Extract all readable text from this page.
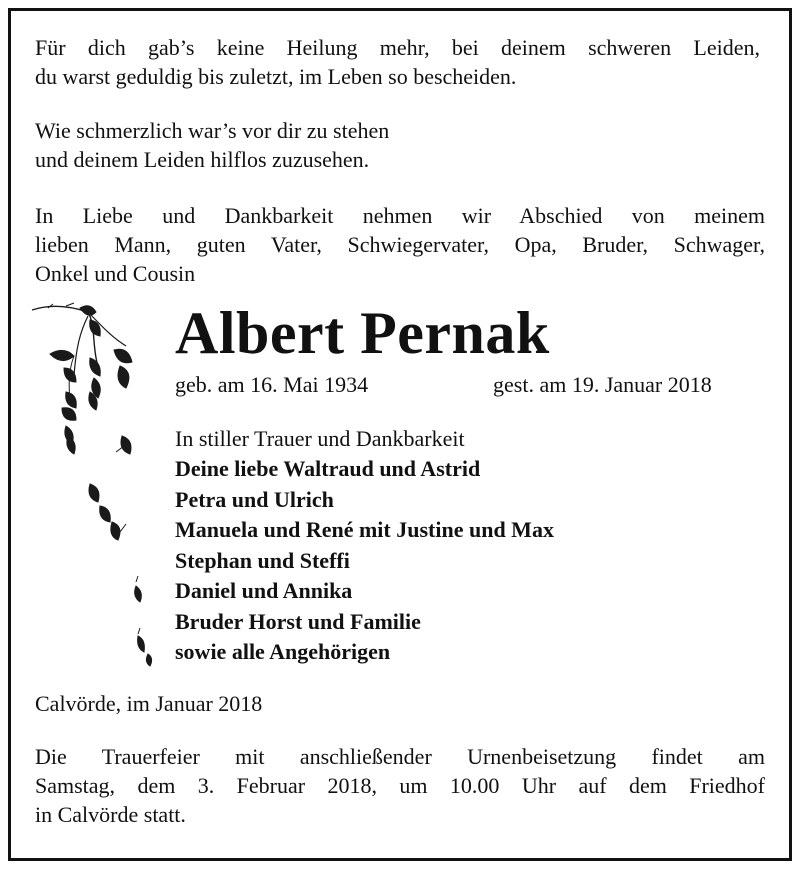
Für dich gab’s keine Heilung mehr, bei deinem schweren Leiden,
du warst geduldig bis zuletzt, im Leben so bescheiden.
Wie schmerzlich war’s vor dir zu stehen
und deinem Leiden hilflos zuzusehen.
In Liebe und Dankbarkeit nehmen wir Abschied von meinem
lieben Mann, guten Vater, Schwiegervater, Opa, Bruder, Schwager,
Onkel und Cousin
Albert Pernak
geb. am 16. Mai 1934	gest. am 19. Januar 2018
In stiller Trauer und Dankbarkeit
Deine liebe Waltraud und Astrid
Petra und Ulrich
Manuela und René mit Justine und Max
Stephan und Steffi
Daniel und Annika
Bruder Horst und Familie
sowie alle Angehörigen
Calvörde, im Januar 2018
Die Trauerfeier mit anschließender Urnenbeisetzung findet am
Samstag, dem 3. Februar 2018, um 10.00 Uhr auf dem Friedhof
in Calvörde statt.
